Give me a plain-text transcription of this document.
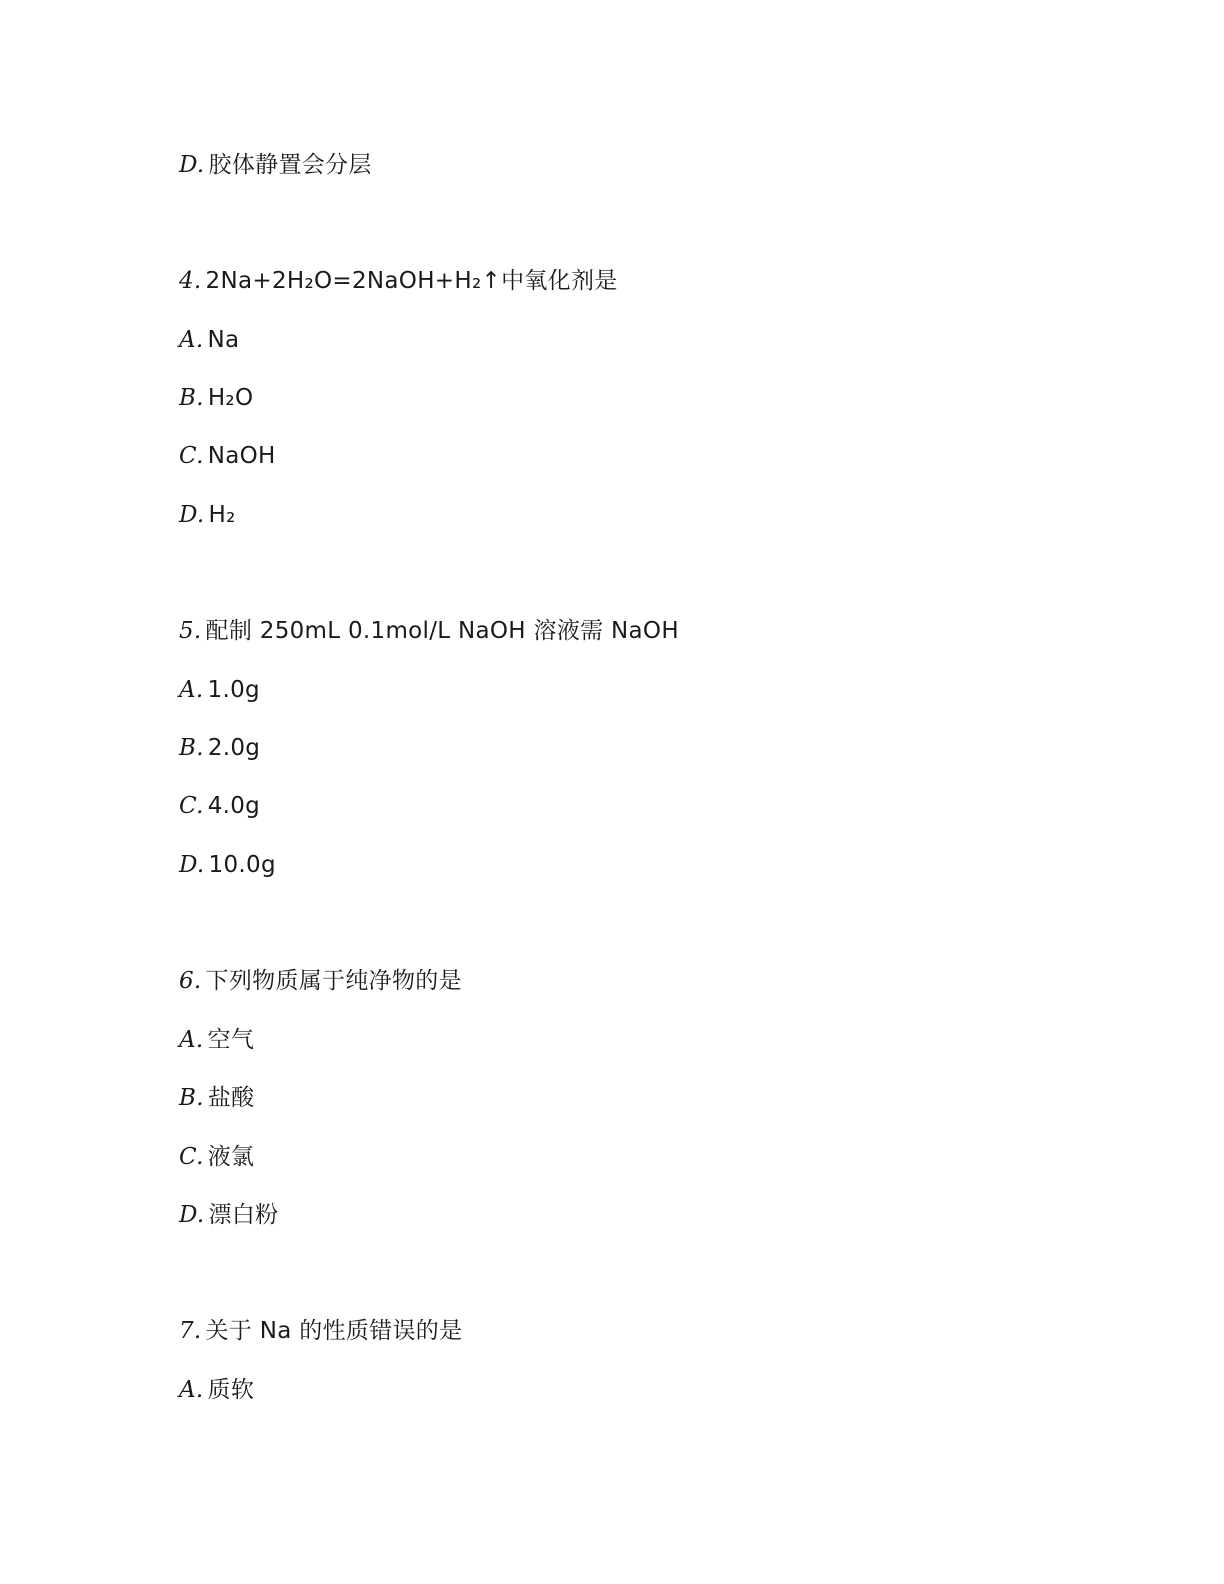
D. 胶体静置会分层
4. 2Na+2H₂O=2NaOH+H₂↑中氧化剂是
A. Na
B. H₂O
C. NaOH
D. H₂
5. 配制 250mL 0.1mol/L NaOH 溶液需 NaOH
A. 1.0g
B. 2.0g
C. 4.0g
D. 10.0g
6. 下列物质属于纯净物的是
A. 空气
B. 盐酸
C. 液氯
D. 漂白粉
7. 关于 Na 的性质错误的是
A. 质软
